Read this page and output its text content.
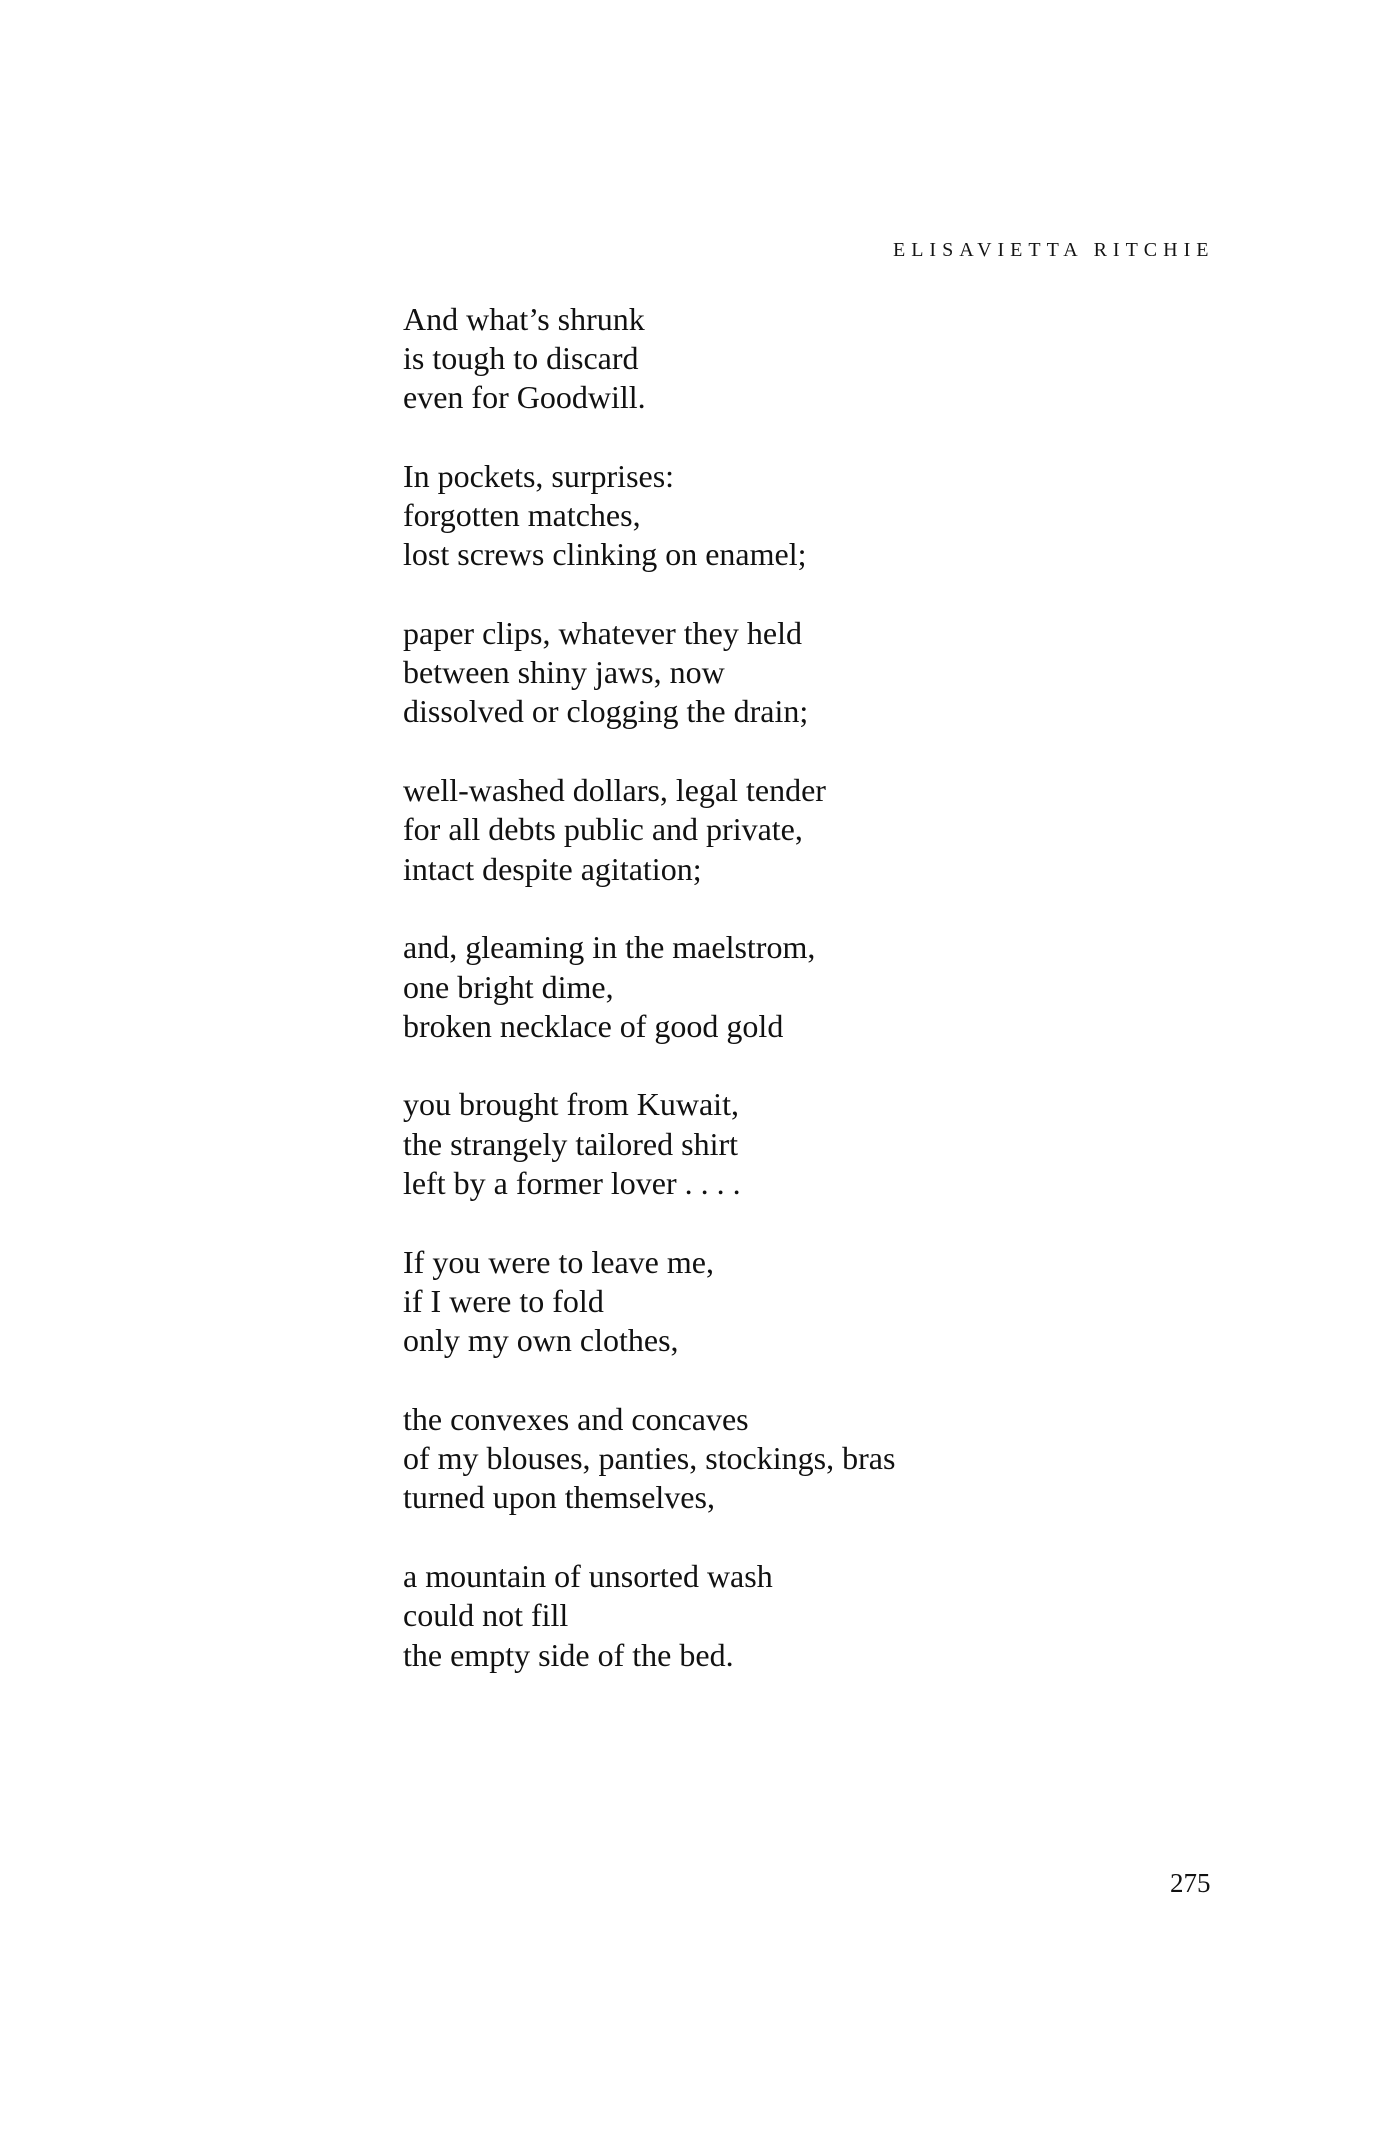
ELISAVIETTA RITCHIE
And what’s shrunk
is tough to discard
even for Goodwill.
In pockets, surprises:
forgotten matches,
lost screws clinking on enamel;
paper clips, whatever they held
between shiny jaws, now
dissolved or clogging the drain;
well-washed dollars, legal tender
for all debts public and private,
intact despite agitation;
and, gleaming in the maelstrom,
one bright dime,
broken necklace of good gold
you brought from Kuwait,
the strangely tailored shirt
left by a former lover . . . .
If you were to leave me,
if I were to fold
only my own clothes,
the convexes and concaves
of my blouses, panties, stockings, bras
turned upon themselves,
a mountain of unsorted wash
could not fill
the empty side of the bed.
275
